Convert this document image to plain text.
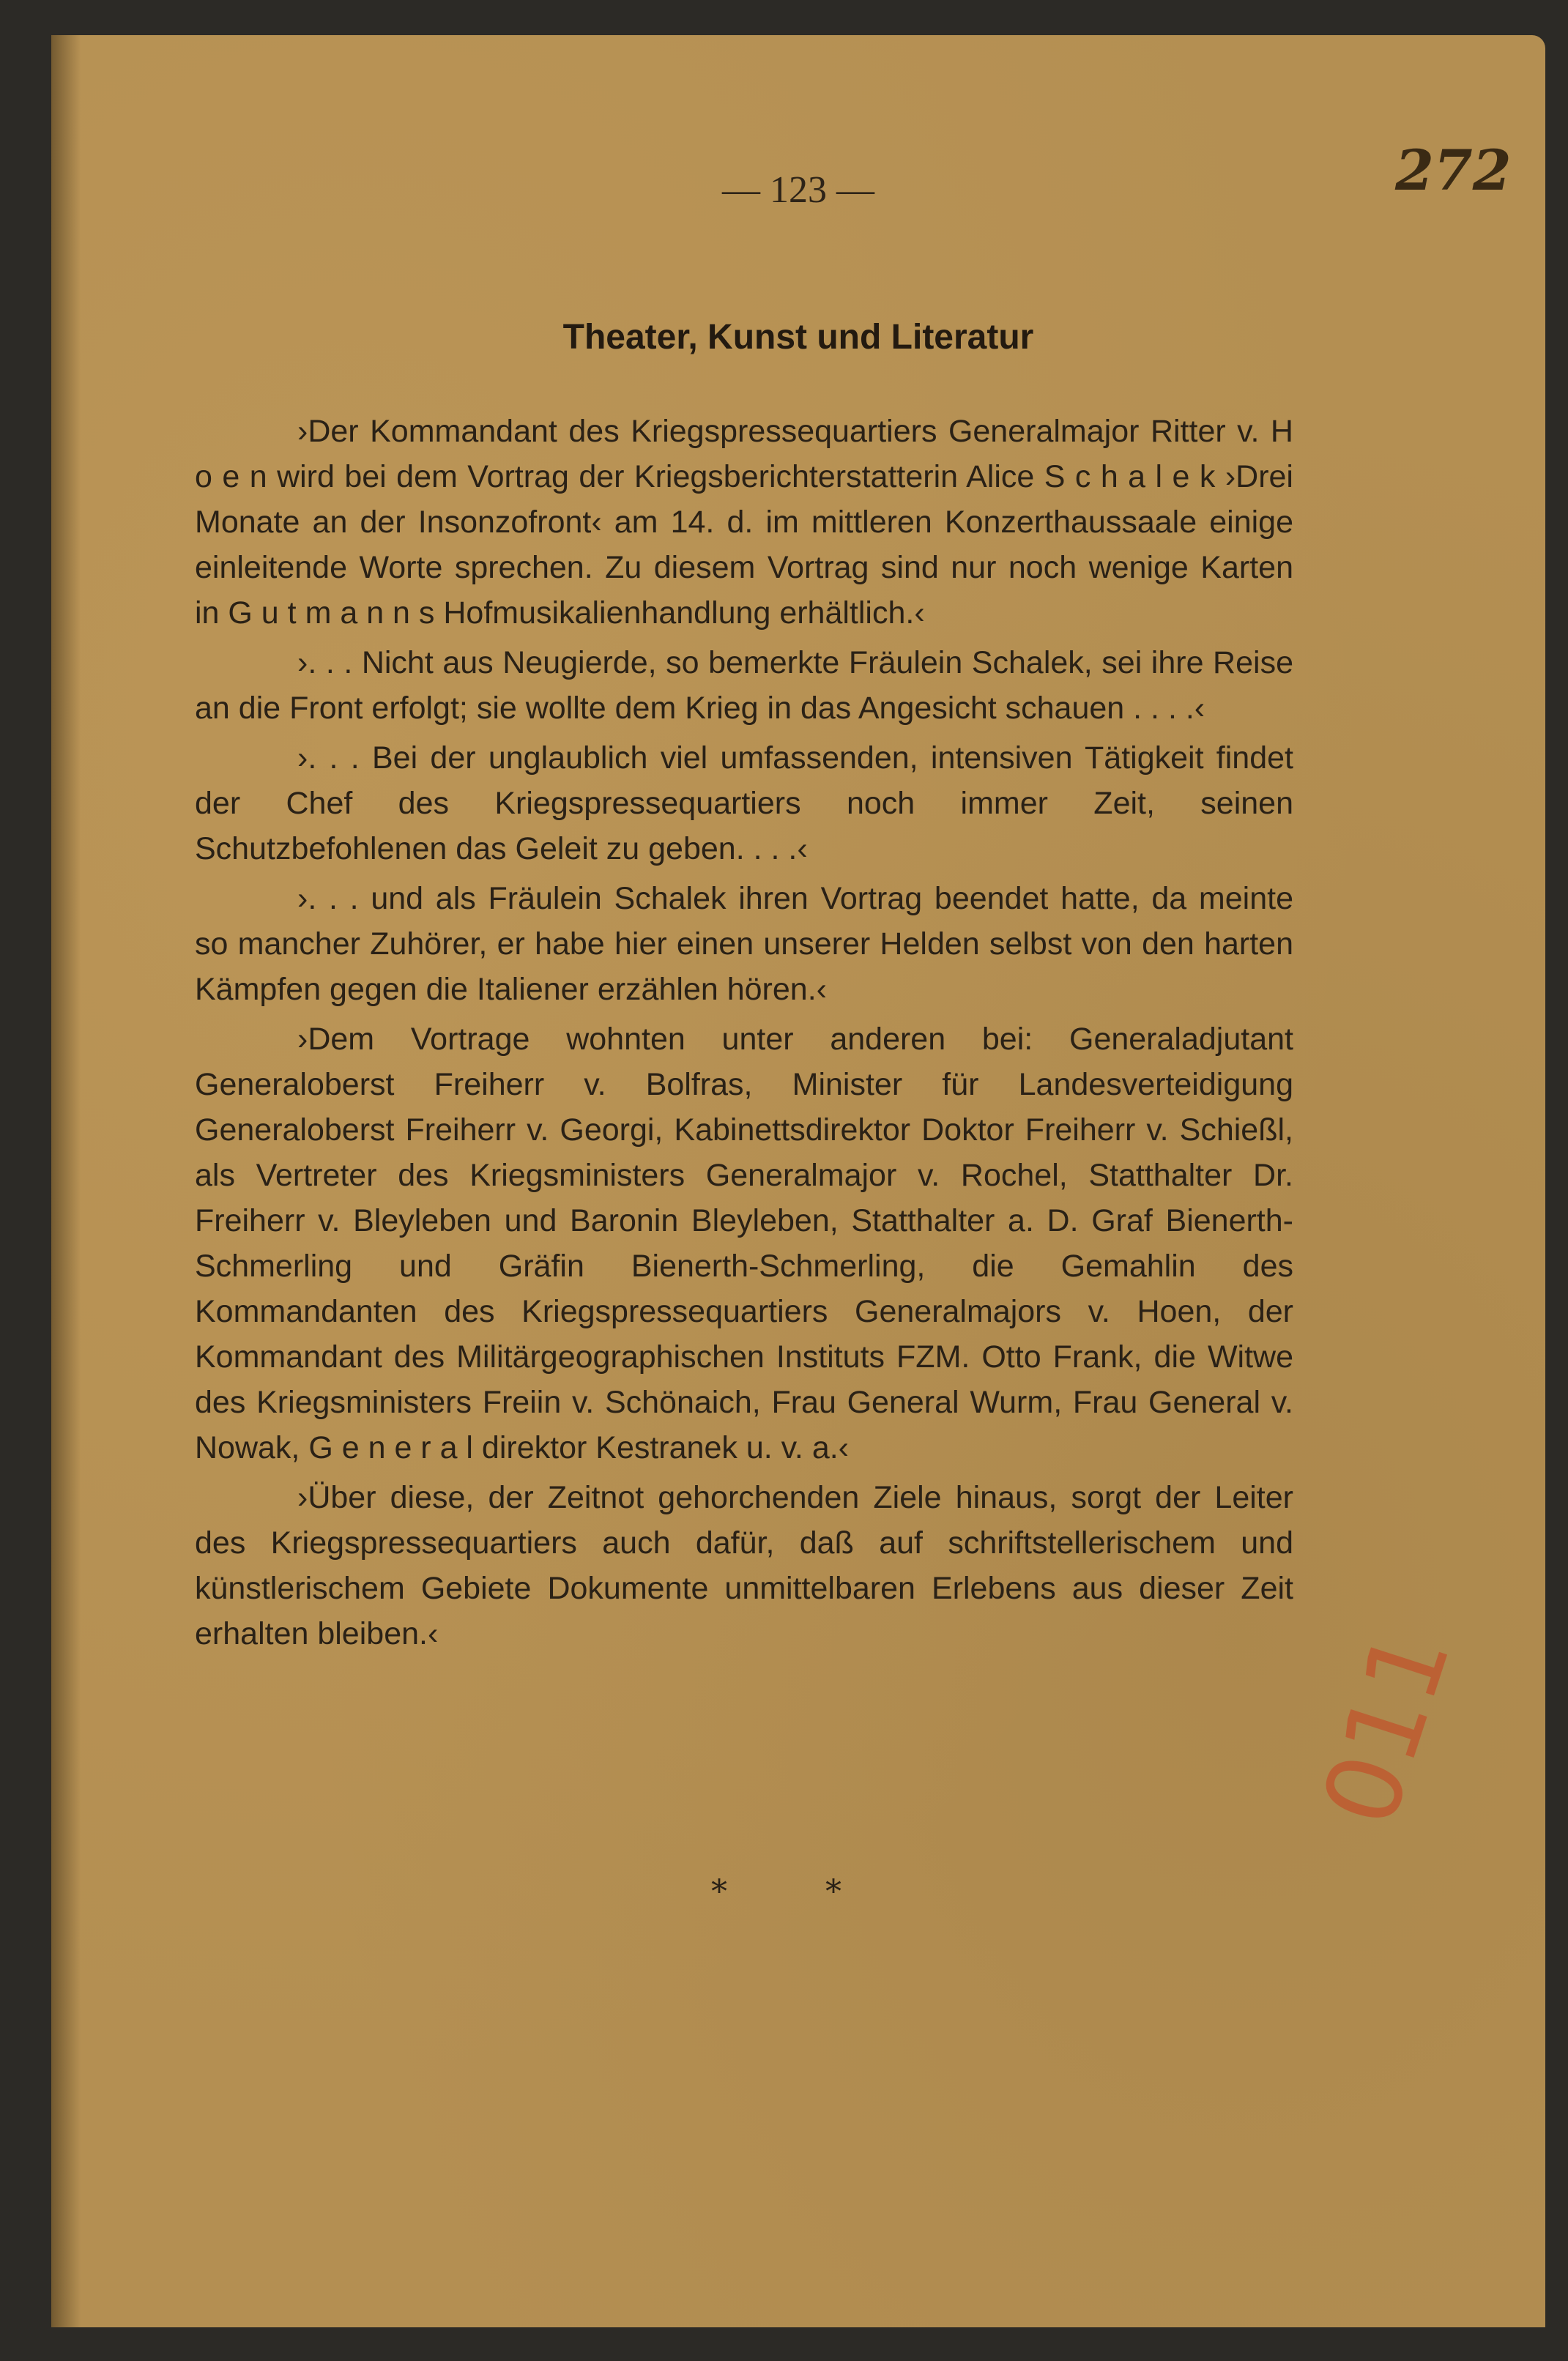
— 123 —	272
Theater, Kunst und Literatur

›Der Kommandant des Kriegspressequartiers Generalmajor Ritter v. H o e n wird bei dem Vortrag der Kriegsberichterstatterin Alice S c h a l e k ›Drei Monate an der Insonzofront‹ am 14. d. im mittleren Konzerthaussaale einige einleitende Worte sprechen. Zu diesem Vortrag sind nur noch wenige Karten in G u t m a n n s Hofmusikalienhandlung erhältlich.‹

›. . . Nicht aus Neugierde, so bemerkte Fräulein Schalek, sei ihre Reise an die Front erfolgt; sie wollte dem Krieg in das Angesicht schauen . . . .‹

›. . . Bei der unglaublich viel umfassenden, intensiven Tätigkeit findet der Chef des Kriegspressequartiers noch immer Zeit, seinen Schutzbefohlenen das Geleit zu geben. . . .‹

›. . . und als Fräulein Schalek ihren Vortrag beendet hatte, da meinte so mancher Zuhörer, er habe hier einen unserer Helden selbst von den harten Kämpfen gegen die Italiener erzählen hören.‹

›Dem Vortrage wohnten unter anderen bei: Generaladjutant Generaloberst Freiherr v. Bolfras, Minister für Landesverteidigung Generaloberst Freiherr v. Georgi, Kabinettsdirektor Doktor Freiherr v. Schießl, als Vertreter des Kriegsministers Generalmajor v. Rochel, Statthalter Dr. Freiherr v. Bleyleben und Baronin Bleyleben, Statthalter a. D. Graf Bienerth-Schmerling und Gräfin Bienerth-Schmerling, die Gemahlin des Kommandanten des Kriegspressequartiers Generalmajors v. Hoen, der Kommandant des Militärgeographischen Instituts FZM. Otto Frank, die Witwe des Kriegsministers Freiin v. Schönaich, Frau General Wurm, Frau General v. Nowak, G e n e r a l direktor Kestranek u. v. a.‹

›Über diese, der Zeitnot gehorchenden Ziele hinaus, sorgt der Leiter des Kriegspressequartiers auch dafür, daß auf schriftstellerischem und künstlerischem Gebiete Dokumente unmittelbaren Erlebens aus dieser Zeit erhalten bleiben.‹	011
* *
